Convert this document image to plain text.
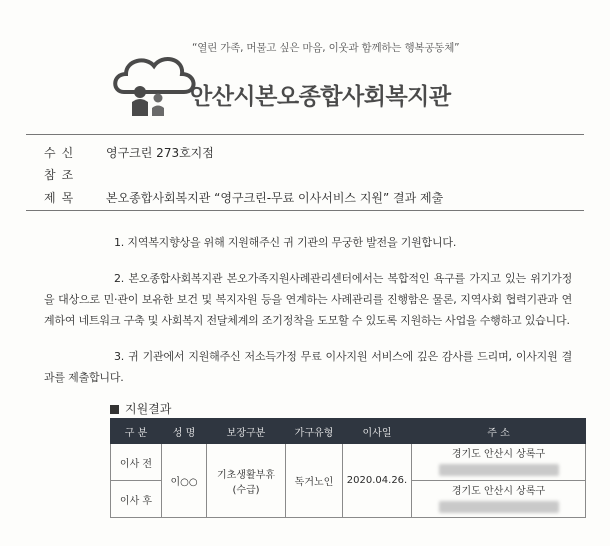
“열린 가족, 머물고 싶은 마음, 이웃과 함께하는 행복공동체”
안산시본오종합사회복지관
수신 영구크린 273호지점
참조
제목 본오종합사회복지관 “영구크린-무료 이사서비스 지원” 결과 제출
1. 지역복지향상을 위해 지원해주신 귀 기관의 무궁한 발전을 기원합니다.
2. 본오종합사회복지관 본오가족지원사례관리센터에서는 복합적인 욕구를 가지고 있는 위기가정을 대상으로 민·관이 보유한 보건 및 복지자원 등을 연계하는 사례관리를 진행함은 물론, 지역사회 협력기관과 연계하여 네트워크 구축 및 사회복지 전달체계의 조기정착을 도모할 수 있도록 지원하는 사업을 수행하고 있습니다.
3. 귀 기관에서 지원해주신 저소득가정 무료 이사지원 서비스에 깊은 감사를 드리며, 이사지원 결과를 제출합니다.
지원결과
구 분	성 명	보장구분	가구유형	이사일	주 소
이사 전	이○○	기초생활부휴
(수급)	독거노인	2020.04.26.	경기도 안산시 상록구

이사 후					경기도 안산시 상록구
